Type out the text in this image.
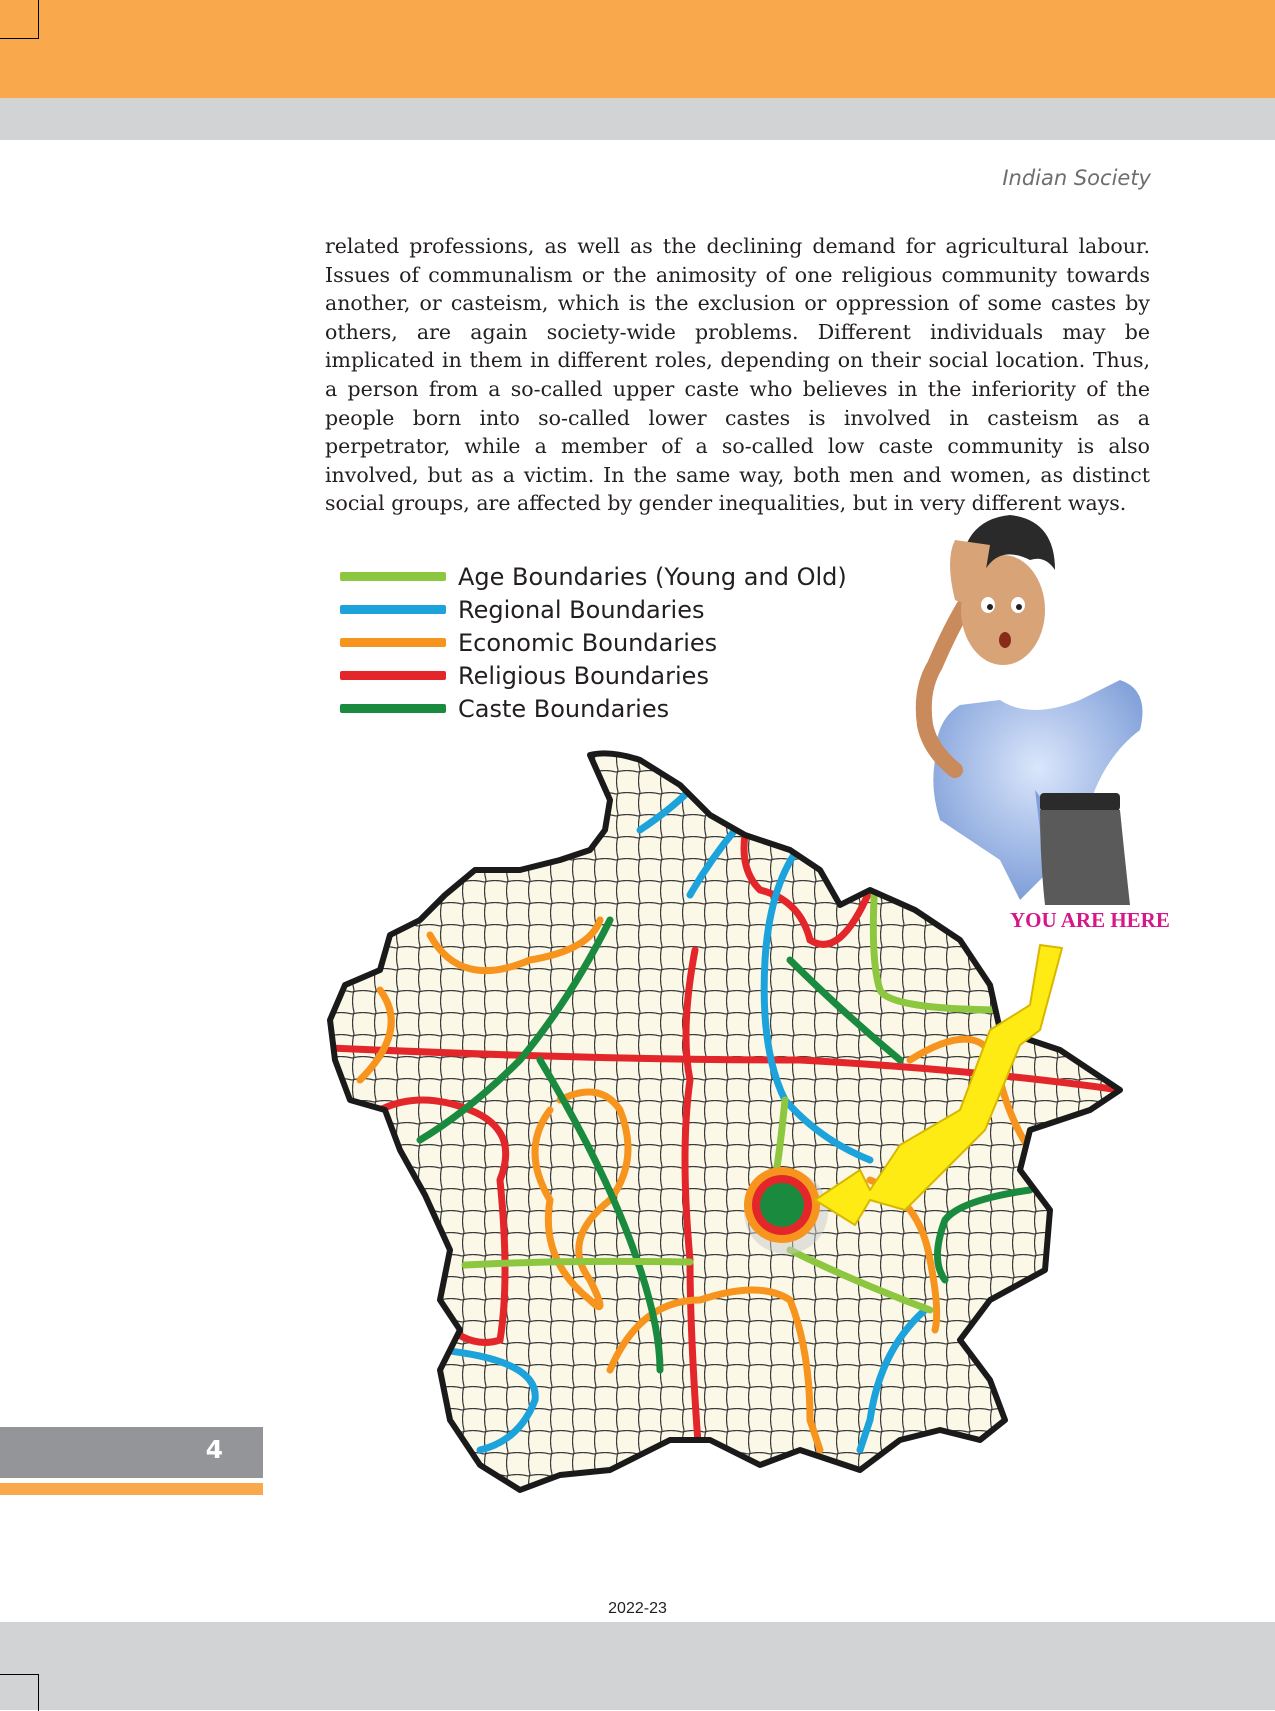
Indian Society

related professions, as well as the declining demand for agricultural labour. Issues of communalism or the animosity of one religious community towards another, or casteism, which is the exclusion or oppression of some castes by others, are again society-wide problems. Different individuals may be implicated in them in different roles, depending on their social location. Thus, a person from a so-called upper caste who believes in the inferiority of the people born into so-called lower castes is involved in casteism as a perpetrator, while a member of a so-called low caste community is also involved, but as a victim. In the same way, both men and women, as distinct social groups, are affected by gender inequalities, but in very different ways.

Age Boundaries (Young and Old)
Regional Boundaries
Economic Boundaries
Religious Boundaries
Caste Boundaries
YOU ARE HERE
4
2022-23
